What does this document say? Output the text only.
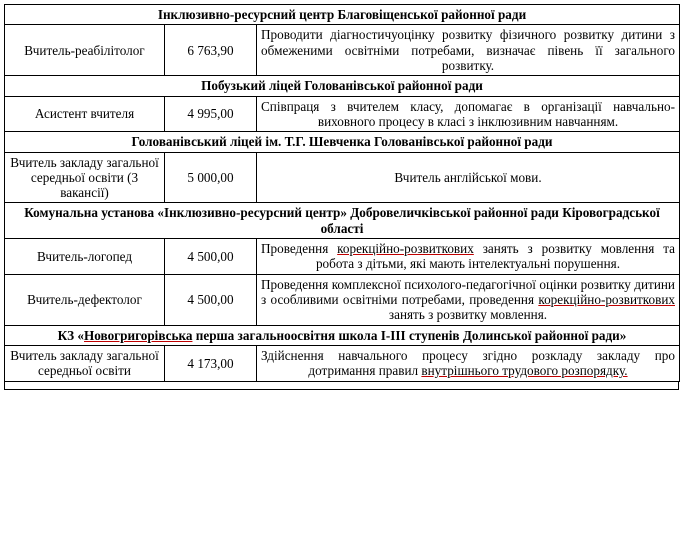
Інклюзивно-ресурсний центр Благовіщенської районної ради		
Вчитель-реабілітолог	6 763,90	Проводити діагностичуоцінку розвитку фізичного розвитку дитини з обмеженими освітніми потребами, визначає півень її загального розвитку.
Побузький ліцей Голованівської районної ради		
Асистент вчителя	4 995,00	Співпраця з вчителем класу, допомагає в організації навчально-виховного процесу в класі з інклюзивним навчанням.
Голованівський ліцей ім. Т.Г. Шевченка Голованівської районної ради		
Вчитель закладу загальної середньої освіти (3 вакансії)	5 000,00	Вчитель англійської мови.
Комунальна установа «Інклюзивно-ресурсний центр» Добровеличківської районної ради Кіровоградської області		
Вчитель-логопед	4 500,00	Проведення корекційно-розвиткових занять з розвитку мовлення та робота з дітьми, які мають інтелектуальні порушення.
Вчитель-дефектолог	4 500,00	Проведення комплексної психолого-педагогічної оцінки розвитку дитини з особливими освітніми потребами, проведення корекційно-розвиткових занять з розвитку мовлення.
КЗ «Новогригорівська перша загальноосвітня школа І-ІІІ ступенів Долинської районної ради»		
Вчитель закладу загальної середньої освіти	4 173,00	Здійснення навчального процесу згідно розкладу закладу про дотримання правил внутрішнього трудового розпорядку.
